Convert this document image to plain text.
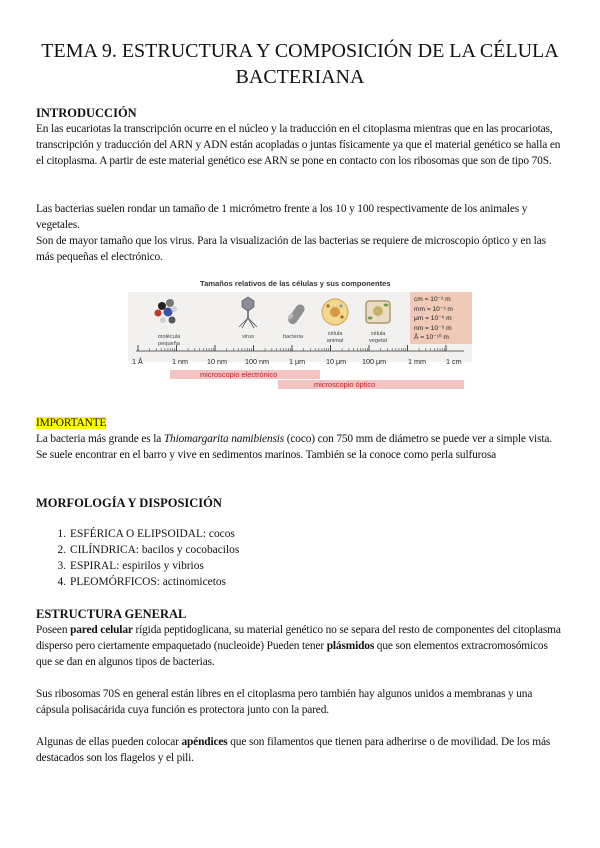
TEMA 9. ESTRUCTURA Y COMPOSICIÓN DE LA CÉLULA
BACTERIANA
INTRODUCCIÓN

En las eucariotas la transcripción ocurre en el núcleo y la traducción en el citoplasma mientras que en las procariotas, transcripción y traducción del ARN y ADN están acopladas o juntas físicamente ya que el material genético se halla en el citoplasma. A partir de este material genético ese ARN se pone en contacto con los ribosomas que son de tipo 70S.

Las bacterias suelen rondar un tamaño de 1 micrómetro frente a los 10 y 100 respectivamente de los animales y vegetales.
Son de mayor tamaño que los virus. Para la visualización de las bacterias se requiere de microscopio óptico y en las más pequeñas el electrónico.

Tamaños relativos de las células y sus componentes
molécula
pequeña
virus	bacteria	célula
animal
célula
vegetal
cm = 10⁻² m
mm = 10⁻³ m
μm = 10⁻⁶ m
nm = 10⁻⁹ m
Å = 10⁻¹⁰ m
.1 Å	1 nm	10 nm	100 nm	1 μm	10 μm 100 μm	1 mm	1 cm
microscopio electrónico
microscopio óptico
IMPORTANTE

La bacteria más grande es la Thiomargarita namibiensis (coco) con 750 mm de diámetro se puede ver a simple vista. Se suele encontrar en el barro y vive en sedimentos marinos. También se la conoce como perla sulfurosa

MORFOLOGÍA Y DISPOSICIÓN
1. ESFÉRICA O ELIPSOIDAL : cocos
2. CILÍNDRICA : bacilos y cocobacilos
3. ESPIRAL : espirilos y vibrios
4. PLEOMÓRFICOS : actinomicetos
ESTRUCTURA GENERAL

Poseen pared celular rígida peptidoglicana, su material genético no se separa del resto de componentes del citoplasma disperso pero ciertamente empaquetado (nucleoide) Pueden tener plásmidos que son elementos extracromosómicos que se dan en algunos tipos de bacterias.

Sus ribosomas 70S en general están libres en el citoplasma pero también hay algunos unidos a membranas y una cápsula polisacárida cuya función es protectora junto con la pared.

Algunas de ellas pueden colocar apéndices que son filamentos que tienen para adherirse o de movilidad. De los más destacados son los flagelos y el pili.
